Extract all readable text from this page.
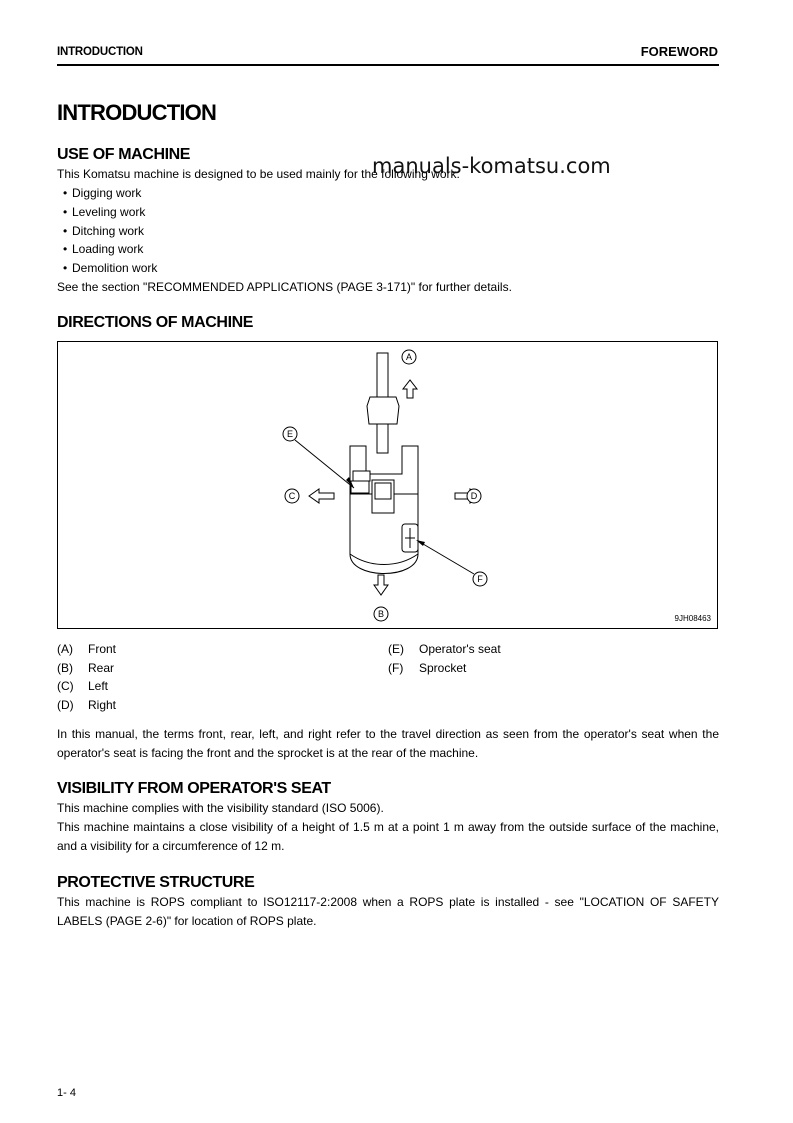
INTRODUCTION	FOREWORD
INTRODUCTION
USE OF MACHINE
This Komatsu machine is designed to be used mainly for the following work:
manuals-komatsu.com
• Digging work
• Leveling work
• Ditching work
• Loading work
• Demolition work
See the section "RECOMMENDED APPLICATIONS (PAGE 3-171)" for further details.
DIRECTIONS OF MACHINE
A
B
C	D
E
F
9JH08463
(A) Front
(B) Rear
(C) Left
(D) Right
(E) Operator's seat
(F) Sprocket
In this manual, the terms front, rear, left, and right refer to the travel direction as seen from the operator's seat when the operator's seat is facing the front and the sprocket is at the rear of the machine.
VISIBILITY FROM OPERATOR'S SEAT
This machine complies with the visibility standard (ISO 5006).
This machine maintains a close visibility of a height of 1.5 m at a point 1 m away from the outside surface of the machine, and a visibility for a circumference of 12 m.
PROTECTIVE STRUCTURE
This machine is ROPS compliant to ISO12117-2:2008 when a ROPS plate is installed - see "LOCATION OF SAFETY LABELS (PAGE 2-6)" for location of ROPS plate.
1- 4
